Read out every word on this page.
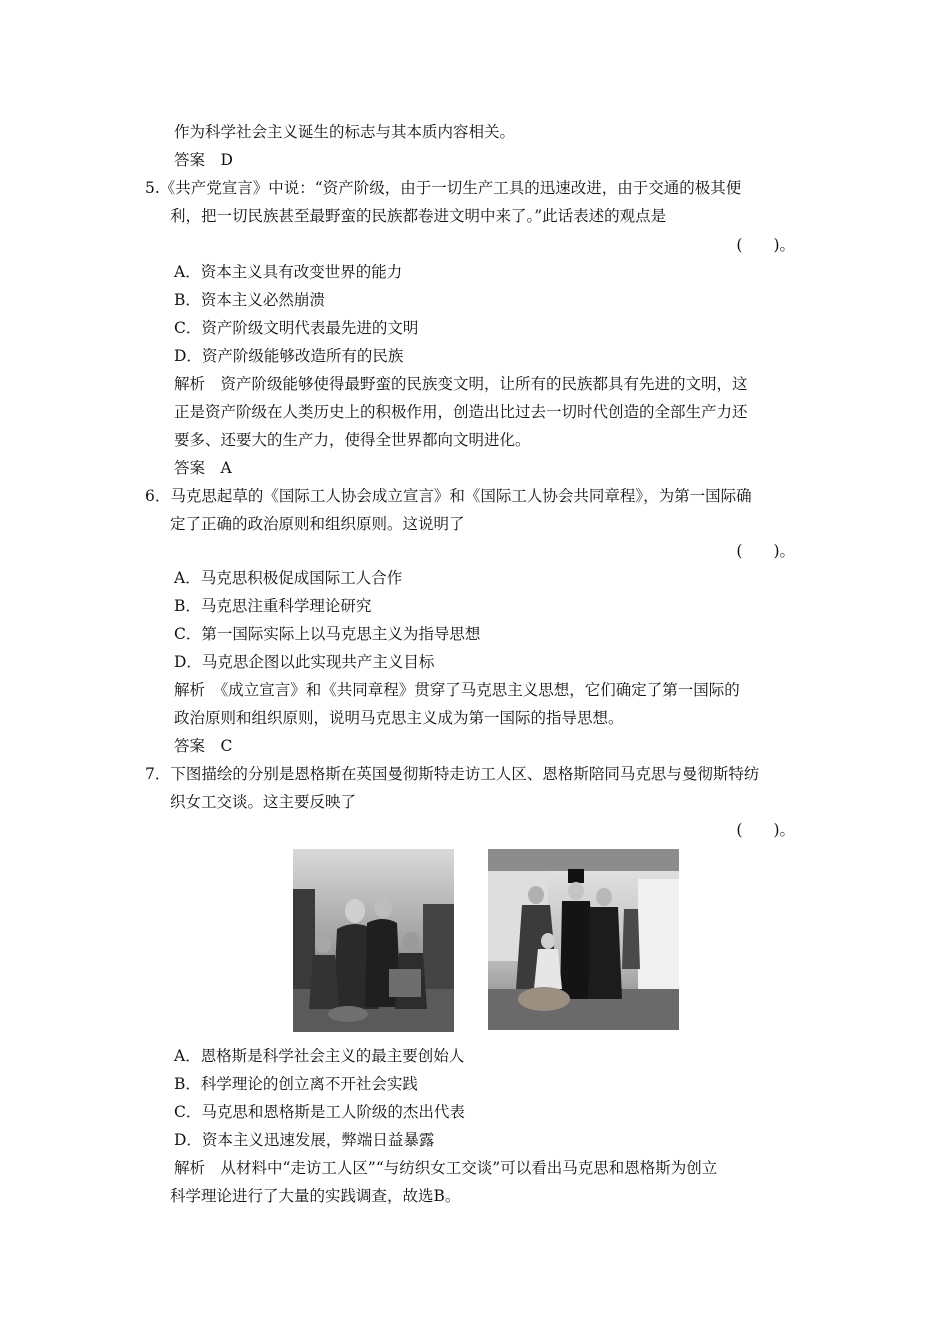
作为科学社会主义诞生的标志与其本质内容相关。
答案　D
5.《共产党宣言》中说：“资产阶级，由于一切生产工具的迅速改进，由于交通的极其便
利，把一切民族甚至最野蛮的民族都卷进文明中来了。”此话表述的观点是
(　　)。
A．资本主义具有改变世界的能力
B．资本主义必然崩溃
C．资产阶级文明代表最先进的文明
D．资产阶级能够改造所有的民族
解析　资产阶级能够使得最野蛮的民族变文明，让所有的民族都具有先进的文明，这
正是资产阶级在人类历史上的积极作用，创造出比过去一切时代创造的全部生产力还
要多、还要大的生产力，使得全世界都向文明进化。
答案　A
6．马克思起草的《国际工人协会成立宣言》和《国际工人协会共同章程》，为第一国际确
定了正确的政治原则和组织原则。这说明了
(　　)。
A．马克思积极促成国际工人合作
B．马克思注重科学理论研究
C．第一国际实际上以马克思主义为指导思想
D．马克思企图以此实现共产主义目标
解析　《成立宣言》和《共同章程》贯穿了马克思主义思想，它们确定了第一国际的
政治原则和组织原则，说明马克思主义成为第一国际的指导思想。
答案　C
7．下图描绘的分别是恩格斯在英国曼彻斯特走访工人区、恩格斯陪同马克思与曼彻斯特纺
织女工交谈。这主要反映了
(　　)。
A．恩格斯是科学社会主义的最主要创始人
B．科学理论的创立离不开社会实践
C．马克思和恩格斯是工人阶级的杰出代表
D．资本主义迅速发展，弊端日益暴露
解析　从材料中“走访工人区”“与纺织女工交谈”可以看出马克思和恩格斯为创立
科学理论进行了大量的实践调查，故选B。
